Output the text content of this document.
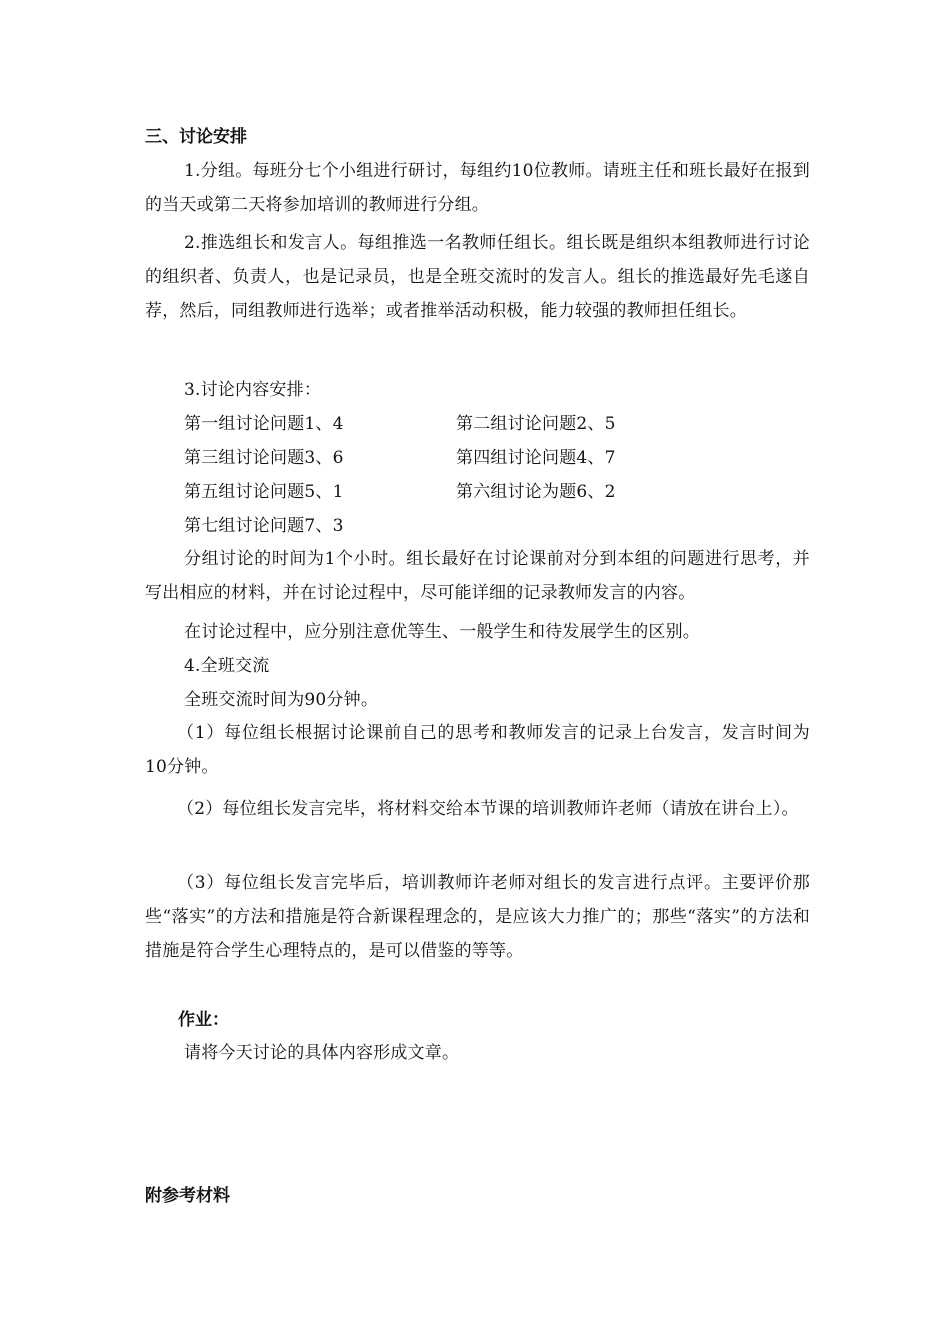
三、讨论安排
1.分组。每班分七个小组进行研讨，每组约10位教师。请班主任和班长最好在报到的当天或第二天将参加培训的教师进行分组。
2.推选组长和发言人。每组推选一名教师任组长。组长既是组织本组教师进行讨论的组织者、负责人，也是记录员，也是全班交流时的发言人。组长的推选最好先毛遂自荐，然后，同组教师进行选举；或者推举活动积极，能力较强的教师担任组长。
3.讨论内容安排：
第一组讨论问题1、4	第二组讨论问题2、5
第三组讨论问题3、6	第四组讨论问题4、7
第五组讨论问题5、1	第六组讨论为题6、2
第七组讨论问题7、3
分组讨论的时间为1个小时。组长最好在讨论课前对分到本组的问题进行思考，并写出相应的材料，并在讨论过程中，尽可能详细的记录教师发言的内容。
在讨论过程中，应分别注意优等生、一般学生和待发展学生的区别。
4.全班交流
全班交流时间为90分钟。
（1）每位组长根据讨论课前自己的思考和教师发言的记录上台发言，发言时间为10分钟。
（2）每位组长发言完毕，将材料交给本节课的培训教师许老师（请放在讲台上）。
（3）每位组长发言完毕后，培训教师许老师对组长的发言进行点评。主要评价那些“落实”的方法和措施是符合新课程理念的，是应该大力推广的；那些“落实”的方法和措施是符合学生心理特点的，是可以借鉴的等等。
作业：
请将今天讨论的具体内容形成文章。
附参考材料
